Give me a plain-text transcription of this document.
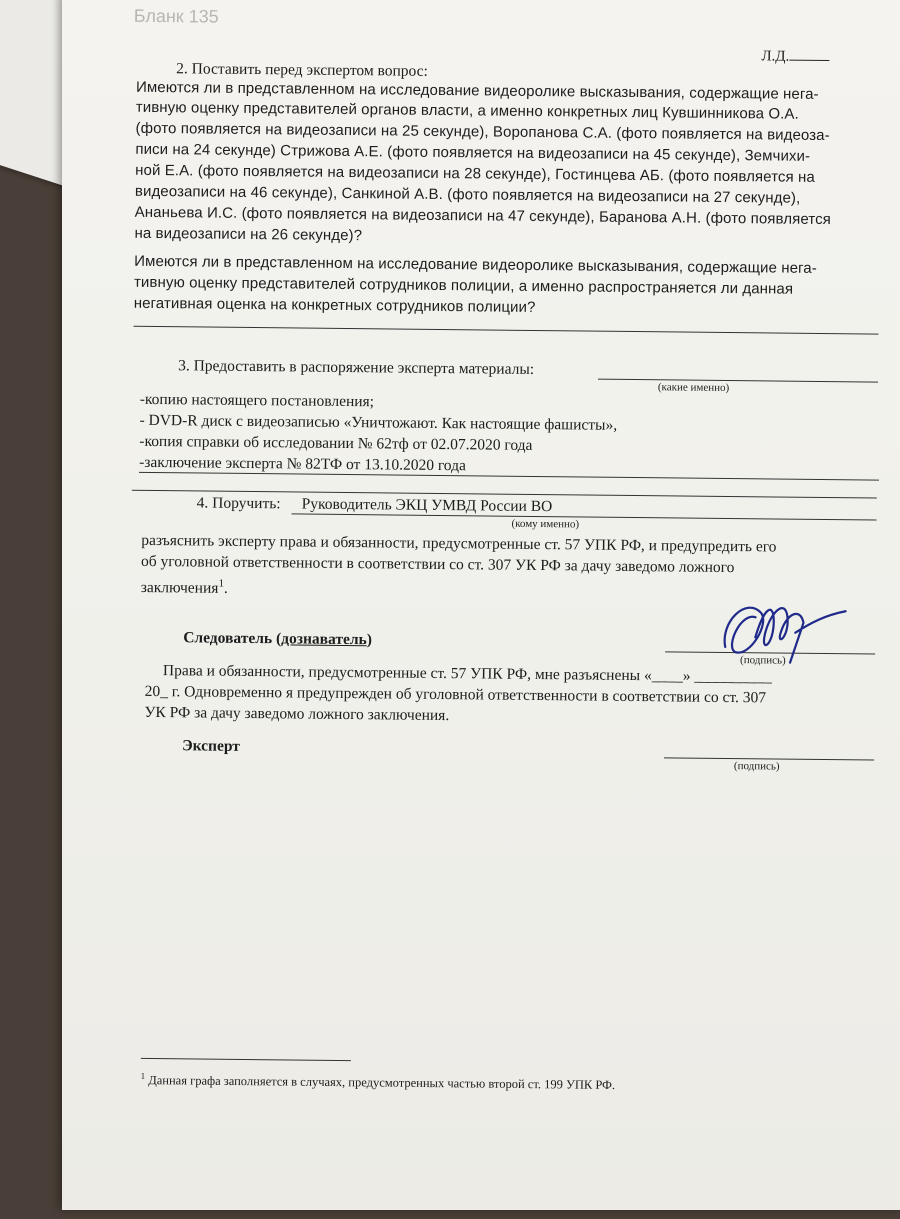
Бланк 135
Л.Д.
2. Поставить перед экспертом вопрос:
Имеются ли в представленном на исследование видеоролике высказывания, содержащие нега-
тивную оценку представителей органов власти, а именно конкретных лиц Кувшинникова О.А.
(фото появляется на видеозаписи на 25 секунде), Воропанова С.А. (фото появляется на видеоза-
писи на 24 секунде) Стрижова А.Е. (фото появляется на видеозаписи на 45 секунде), Земчихи-
ной Е.А. (фото появляется на видеозаписи на 28 секунде), Гостинцева АБ. (фото появляется на
видеозаписи на 46 секунде), Санкиной А.В. (фото появляется на видеозаписи на 27 секунде),
Ананьева И.С. (фото появляется на видеозаписи на 47 секунде), Баранова А.Н. (фото появляется
на видеозаписи на 26 секунде)?
Имеются ли в представленном на исследование видеоролике высказывания, содержащие нега-
тивную оценку представителей сотрудников полиции, а именно распространяется ли данная
негативная оценка на конкретных сотрудников полиции?
3. Предоставить в распоряжение эксперта материалы:
(какие именно)
-копию настоящего постановления;
- DVD-R диск с видеозаписью «Уничтожают. Как настоящие фашисты»,
-копия справки об исследовании № 62тф от 02.07.2020 года
-заключение эксперта № 82ТФ от 13.10.2020 года
4. Поручить: Руководитель ЭКЦ УМВД России ВО
(кому именно)
разъяснить эксперту права и обязанности, предусмотренные ст. 57 УПК РФ, и предупредить его
об уголовной ответственности в соответствии со ст. 307 УК РФ за дачу заведомо ложного
заключения$^1$.
Следователь (дознаватель)
(подпись)
Права и обязанности, предусмотренные ст. 57 УПК РФ, мне разъяснены «____» __________
20_ г. Одновременно я предупрежден об уголовной ответственности в соответствии со ст. 307
УК РФ за дачу заведомо ложного заключения.
Эксперт
(подпись)
$^1$ Данная графа заполняется в случаях, предусмотренных частью второй ст. 199 УПК РФ.
